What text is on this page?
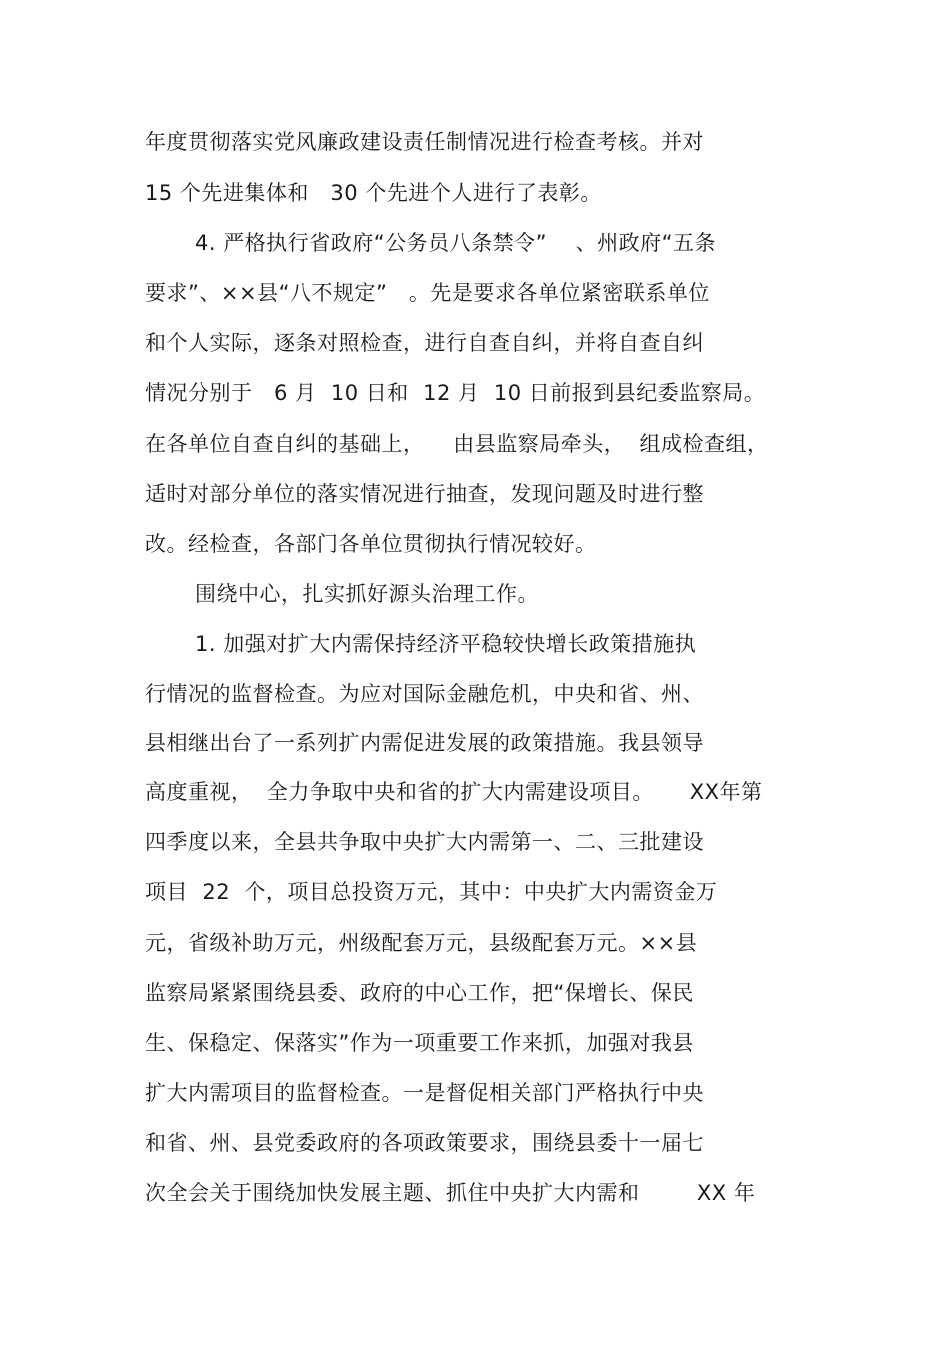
年度贯彻落实党风廉政建设责任制情况进行检查考核。并对

15 个先进集体和   30 个先进个人进行了表彰。

4. 严格执行省政府“公务员八条禁令”    、州政府“五条

要求”、××县“八不规定”   。先是要求各单位紧密联系单位

和个人实际，逐条对照检查，进行自查自纠，并将自查自纠

情况分别于   6 月  10 日和  12 月  10 日前报到县纪委监察局。

在各单位自查自纠的基础上，    由县监察局牵头，  组成检查组，

适时对部分单位的落实情况进行抽查，发现问题及时进行整

改。经检查，各部门各单位贯彻执行情况较好。

围绕中心，扎实抓好源头治理工作。

1. 加强对扩大内需保持经济平稳较快增长政策措施执

行情况的监督检查。为应对国际金融危机，中央和省、州、

县相继出台了一系列扩内需促进发展的政策措施。我县领导

高度重视，  全力争取中央和省的扩大内需建设项目。     XX年第

四季度以来，全县共争取中央扩大内需第一、二、三批建设

项目  22  个，项目总投资万元，其中：中央扩大内需资金万

元，省级补助万元，州级配套万元，县级配套万元。××县

监察局紧紧围绕县委、政府的中心工作，把“保增长、保民

生、保稳定、保落实”作为一项重要工作来抓，加强对我县

扩大内需项目的监督检查。一是督促相关部门严格执行中央

和省、州、县党委政府的各项政策要求，围绕县委十一届七

次全会关于围绕加快发展主题、抓住中央扩大内需和        XX 年
